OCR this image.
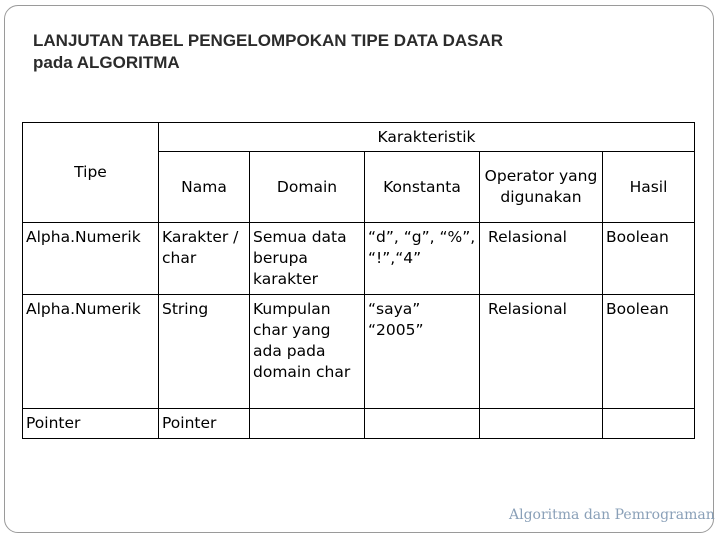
LANJUTAN TABEL PENGELOMPOKAN TIPE DATA DASAR
pada ALGORITMA
Tipe	Karakteristik				
	Nama	Domain	Konstanta	Operator yang digunakan	Hasil
Alpha.Numerik	Karakter / char	Semua data berupa karakter	“d”, “g”, “%”, “!”,“4”	Relasional	Boolean
Alpha.Numerik	String	Kumpulan char yang ada pada domain char	“saya” “2005”	Relasional	Boolean
Pointer	Pointer				
Algoritma dan Pemrograman
